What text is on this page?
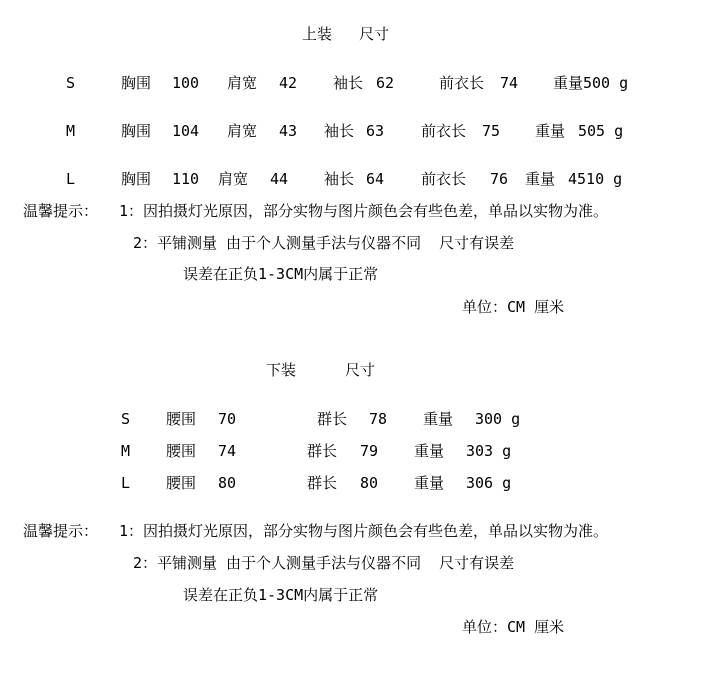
上装   尺寸
S	胸围 100 肩宽 42 袖长 62	前衣长 74 重量500 g
M	胸围 104 肩宽 43 袖长 63 前衣长 75 重量 505 g
L	胸围 110 肩宽 44 袖长 64 前衣长 76 重量 4510 g
温馨提示： 1：因拍摄灯光原因，部分实物与图片颜色会有些色差，单品以实物为准。
2：平铺测量 由于个人测量手法与仪器不同  尺寸有误差
误差在正负1-3CM内属于正常
单位：CM 厘米
下装	尺寸
S 腰围 70	群长 78 重量 300 g
M 腰围 74	群长 79 重量 303 g
L 腰围 80	群长 80 重量 306 g
温馨提示： 1：因拍摄灯光原因，部分实物与图片颜色会有些色差，单品以实物为准。
2：平铺测量 由于个人测量手法与仪器不同  尺寸有误差
误差在正负1-3CM内属于正常
单位：CM 厘米
